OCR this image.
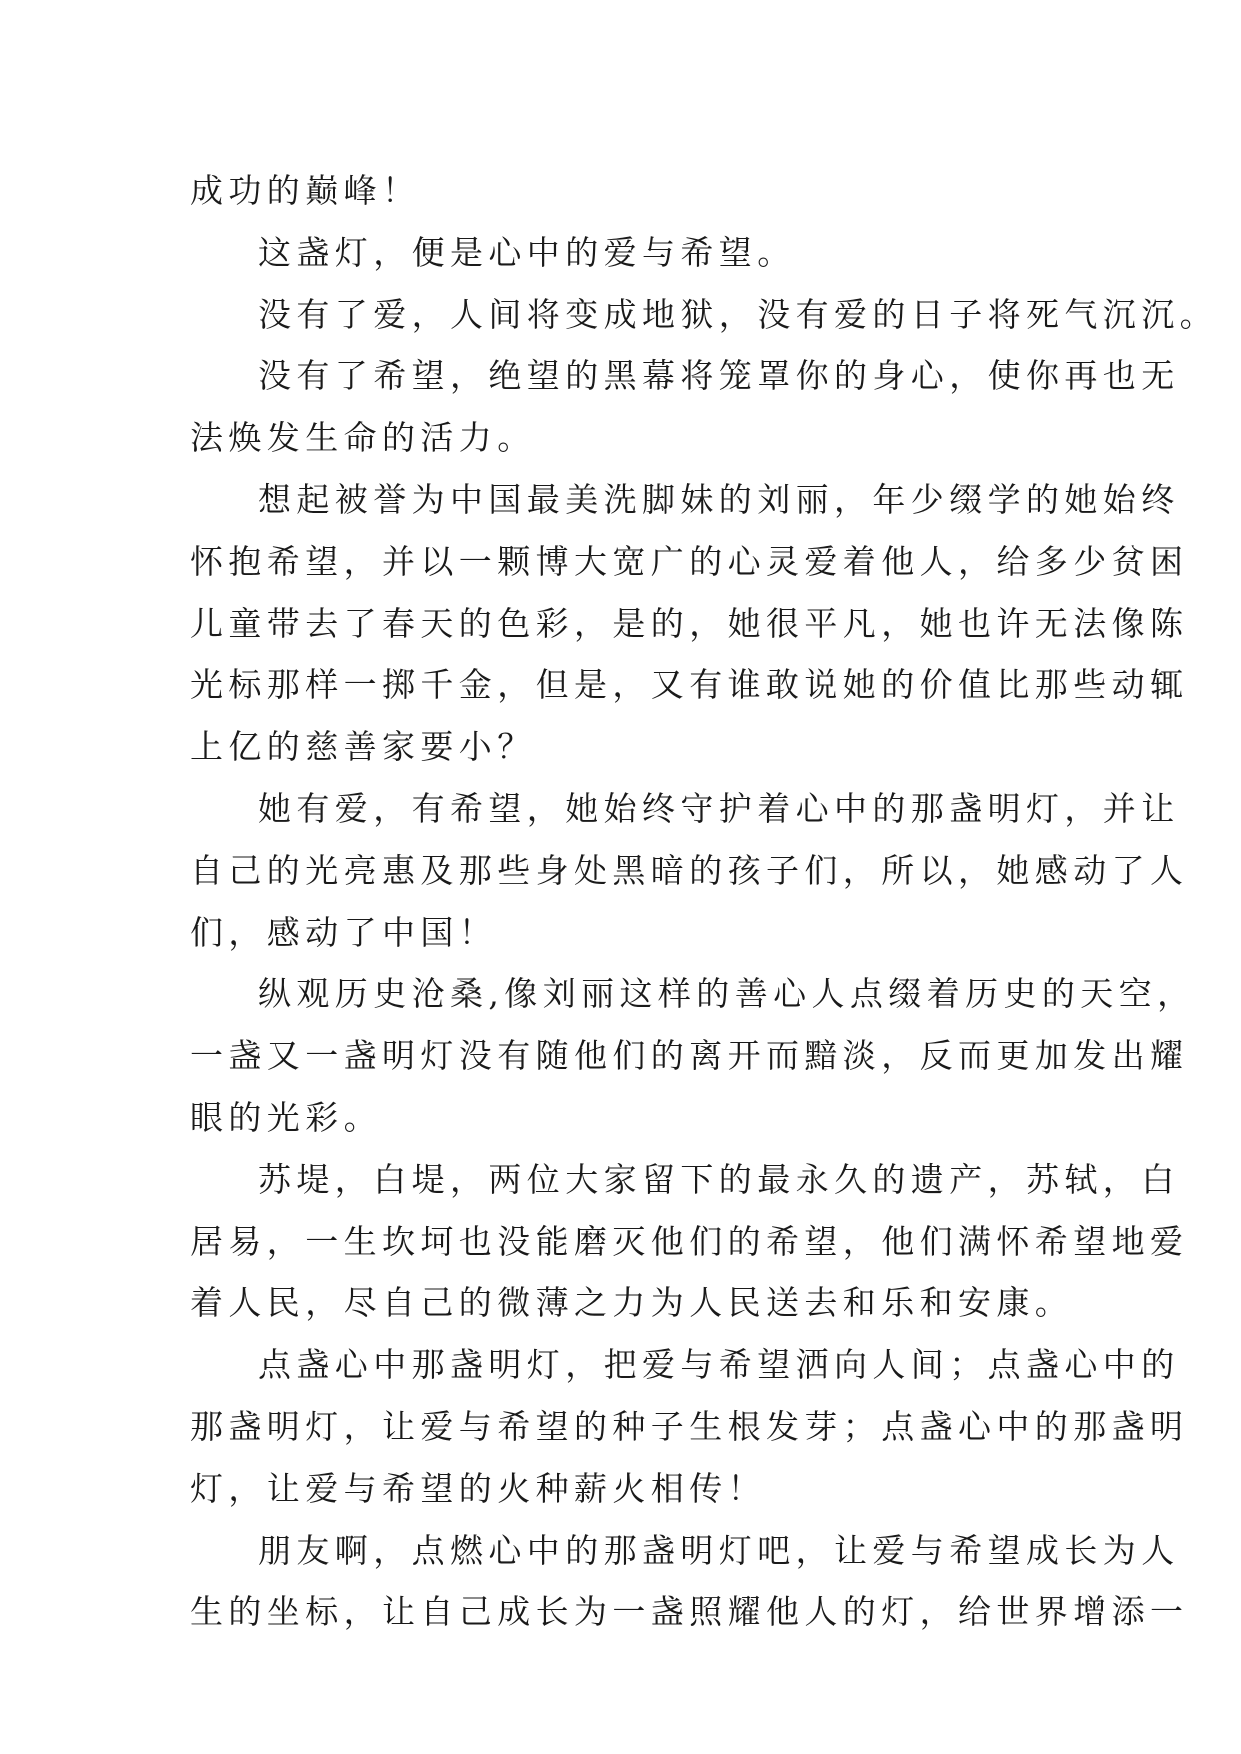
成功的巅峰！
这盏灯，便是心中的爱与希望。
没有了爱，人间将变成地狱，没有爱的日子将死气沉沉。
没有了希望，绝望的黑幕将笼罩你的身心，使你再也无
法焕发生命的活力。
想起被誉为中国最美洗脚妹的刘丽，年少缀学的她始终
怀抱希望，并以一颗博大宽广的心灵爱着他人，给多少贫困
儿童带去了春天的色彩，是的，她很平凡，她也许无法像陈
光标那样一掷千金，但是，又有谁敢说她的价值比那些动辄
上亿的慈善家要小？
她有爱，有希望，她始终守护着心中的那盏明灯，并让
自己的光亮惠及那些身处黑暗的孩子们，所以，她感动了人
们，感动了中国！
纵观历史沧桑,像刘丽这样的善心人点缀着历史的天空，
一盏又一盏明灯没有随他们的离开而黯淡，反而更加发出耀
眼的光彩。
苏堤，白堤，两位大家留下的最永久的遗产，苏轼，白
居易，一生坎坷也没能磨灭他们的希望，他们满怀希望地爱
着人民，尽自己的微薄之力为人民送去和乐和安康。
点盏心中那盏明灯，把爱与希望洒向人间；点盏心中的
那盏明灯，让爱与希望的种子生根发芽；点盏心中的那盏明
灯，让爱与希望的火种薪火相传！
朋友啊，点燃心中的那盏明灯吧，让爱与希望成长为人
生的坐标，让自己成长为一盏照耀他人的灯，给世界增添一
